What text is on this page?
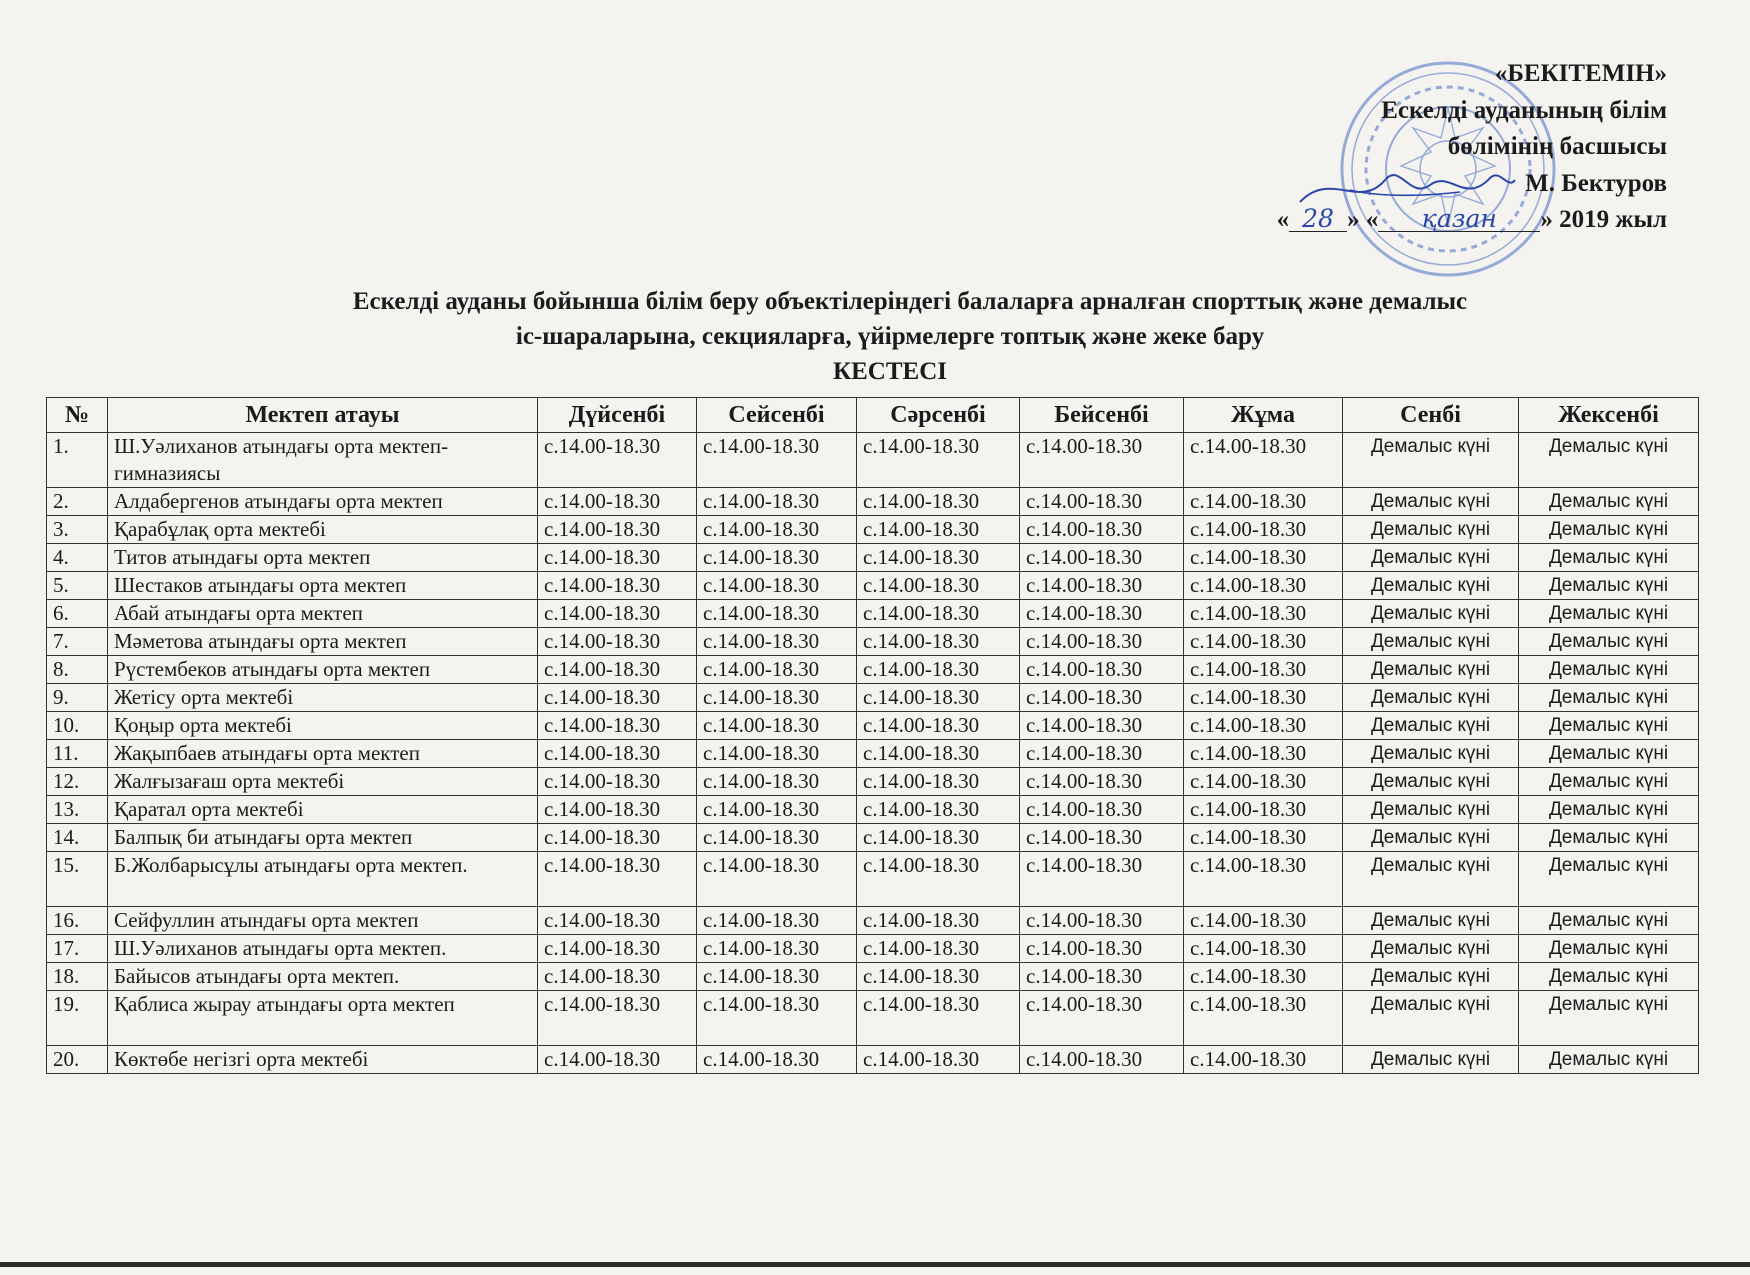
«БЕКІТЕМІН»
Ескелді ауданының білім
бөлімінің басшысы
М. Бектуров
« 28 » « қазан » 2019 жыл
Ескелді ауданы бойынша білім беру объектілеріндегі балаларға арналған спорттық және демалыс
іс-шараларына, секцияларға, үйірмелерге топтық және жеке бару
КЕСТЕСІ
№	Мектеп атауы	Дүйсенбі	Сейсенбі	Сәрсенбі	Бейсенбі	Жұма	Сенбі	Жексенбі
1.	Ш.Уәлиханов атындағы орта мектеп-гимназиясы	с.14.00-18.30	с.14.00-18.30	с.14.00-18.30	с.14.00-18.30	с.14.00-18.30	Демалыс күні	Демалыс күні
2.	Алдабергенов атындағы орта мектеп	с.14.00-18.30	с.14.00-18.30	с.14.00-18.30	с.14.00-18.30	с.14.00-18.30	Демалыс күні	Демалыс күні
3.	Қарабұлақ орта мектебі	с.14.00-18.30	с.14.00-18.30	с.14.00-18.30	с.14.00-18.30	с.14.00-18.30	Демалыс күні	Демалыс күні
4.	Титов атындағы орта мектеп	с.14.00-18.30	с.14.00-18.30	с.14.00-18.30	с.14.00-18.30	с.14.00-18.30	Демалыс күні	Демалыс күні
5.	Шестаков атындағы орта мектеп	с.14.00-18.30	с.14.00-18.30	с.14.00-18.30	с.14.00-18.30	с.14.00-18.30	Демалыс күні	Демалыс күні
6.	Абай атындағы орта мектеп	с.14.00-18.30	с.14.00-18.30	с.14.00-18.30	с.14.00-18.30	с.14.00-18.30	Демалыс күні	Демалыс күні
7.	Мәметова атындағы орта мектеп	с.14.00-18.30	с.14.00-18.30	с.14.00-18.30	с.14.00-18.30	с.14.00-18.30	Демалыс күні	Демалыс күні
8.	Рүстембеков атындағы орта мектеп	с.14.00-18.30	с.14.00-18.30	с.14.00-18.30	с.14.00-18.30	с.14.00-18.30	Демалыс күні	Демалыс күні
9.	Жетісу орта мектебі	с.14.00-18.30	с.14.00-18.30	с.14.00-18.30	с.14.00-18.30	с.14.00-18.30	Демалыс күні	Демалыс күні
10.	Қоңыр орта мектебі	с.14.00-18.30	с.14.00-18.30	с.14.00-18.30	с.14.00-18.30	с.14.00-18.30	Демалыс күні	Демалыс күні
11.	Жақыпбаев атындағы орта мектеп	с.14.00-18.30	с.14.00-18.30	с.14.00-18.30	с.14.00-18.30	с.14.00-18.30	Демалыс күні	Демалыс күні
12.	Жалғызағаш орта мектебі	с.14.00-18.30	с.14.00-18.30	с.14.00-18.30	с.14.00-18.30	с.14.00-18.30	Демалыс күні	Демалыс күні
13.	Қаратал орта мектебі	с.14.00-18.30	с.14.00-18.30	с.14.00-18.30	с.14.00-18.30	с.14.00-18.30	Демалыс күні	Демалыс күні
14.	Балпық би атындағы орта мектеп	с.14.00-18.30	с.14.00-18.30	с.14.00-18.30	с.14.00-18.30	с.14.00-18.30	Демалыс күні	Демалыс күні
15.	Б.Жолбарысұлы атындағы орта мектеп.	с.14.00-18.30	с.14.00-18.30	с.14.00-18.30	с.14.00-18.30	с.14.00-18.30	Демалыс күні	Демалыс күні
16.	Сейфуллин атындағы орта мектеп	с.14.00-18.30	с.14.00-18.30	с.14.00-18.30	с.14.00-18.30	с.14.00-18.30	Демалыс күні	Демалыс күні
17.	Ш.Уәлиханов атындағы орта мектеп.	с.14.00-18.30	с.14.00-18.30	с.14.00-18.30	с.14.00-18.30	с.14.00-18.30	Демалыс күні	Демалыс күні
18.	Байысов атындағы орта мектеп.	с.14.00-18.30	с.14.00-18.30	с.14.00-18.30	с.14.00-18.30	с.14.00-18.30	Демалыс күні	Демалыс күні
19.	Қаблиса жырау атындағы орта мектеп	с.14.00-18.30	с.14.00-18.30	с.14.00-18.30	с.14.00-18.30	с.14.00-18.30	Демалыс күні	Демалыс күні
20.	Көктөбе негізгі орта мектебі	с.14.00-18.30	с.14.00-18.30	с.14.00-18.30	с.14.00-18.30	с.14.00-18.30	Демалыс күні	Демалыс күні
